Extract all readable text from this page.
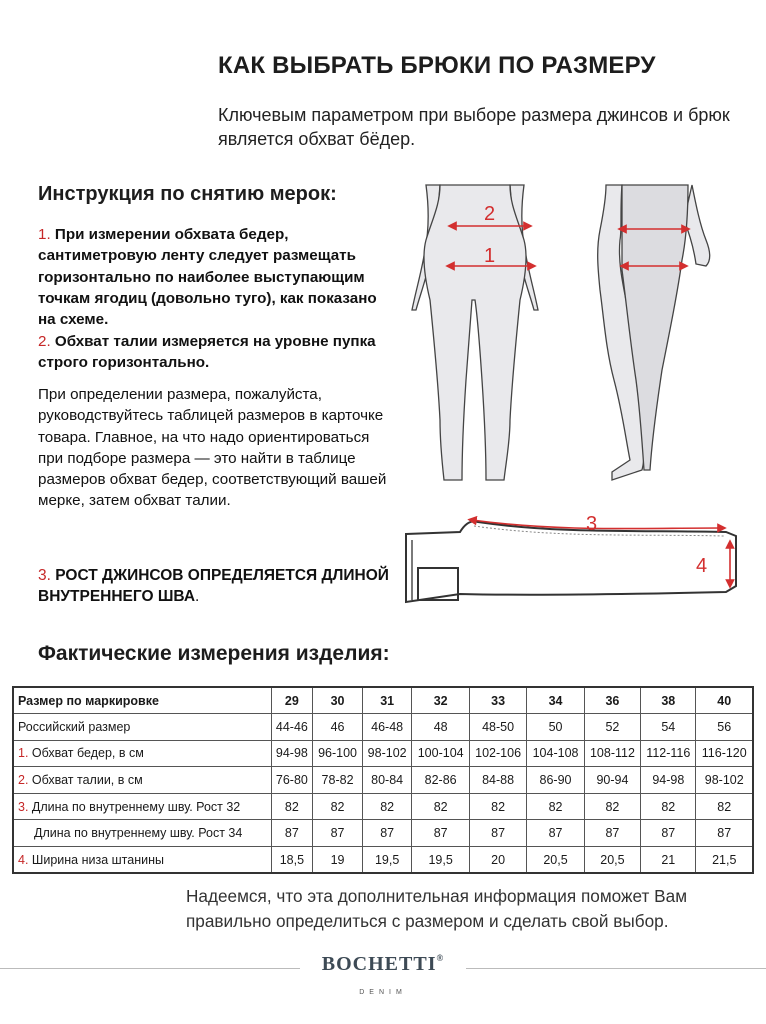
КАК ВЫБРАТЬ БРЮКИ ПО РАЗМЕРУ
Ключевым параметром при выборе размера джинсов и брюк является обхват бёдер.
Инструкция по снятию мерок:
1. При измерении обхвата бедер, сантиметровую ленту следует размещать горизонтально по наиболее выступающим точкам ягодиц (довольно туго), как показано на схеме.
2. Обхват талии измеряется на уровне пупка строго горизонтально.
При определении размера, пожалуйста, руководствуйтесь таблицей размеров в карточке товара. Главное, на что надо ориентироваться при подборе размера — это найти в таблице размеров обхват бедер, соответствующий вашей мерке, затем обхват талии.
3. РОСТ ДЖИНСОВ ОПРЕДЕЛЯЕТСЯ ДЛИНОЙ ВНУТРЕННЕГО ШВА.
2
1
3
4
Фактические измерения изделия:
Размер по маркировке	29	30	31	32	33	34	36	38	40
Российский размер	44-46	46	46-48	48	48-50	50	52	54	56
1. Обхват бедер, в см	94-98	96-100	98-102	100-104	102-106	104-108	108-112	112-116	116-120
2. Обхват талии, в см	76-80	78-82	80-84	82-86	84-88	86-90	90-94	94-98	98-102
3. Длина по внутреннему шву. Рост 32	82	82	82	82	82	82	82	82	82
Длина по внутреннему шву. Рост 34	87	87	87	87	87	87	87	87	87
4. Ширина низа штанины	18,5	19	19,5	19,5	20	20,5	20,5	21	21,5
Надеемся, что эта дополнительная информация поможет Вам правильно определиться с размером и сделать свой выбор.
BOCHETTI®
DENIM
